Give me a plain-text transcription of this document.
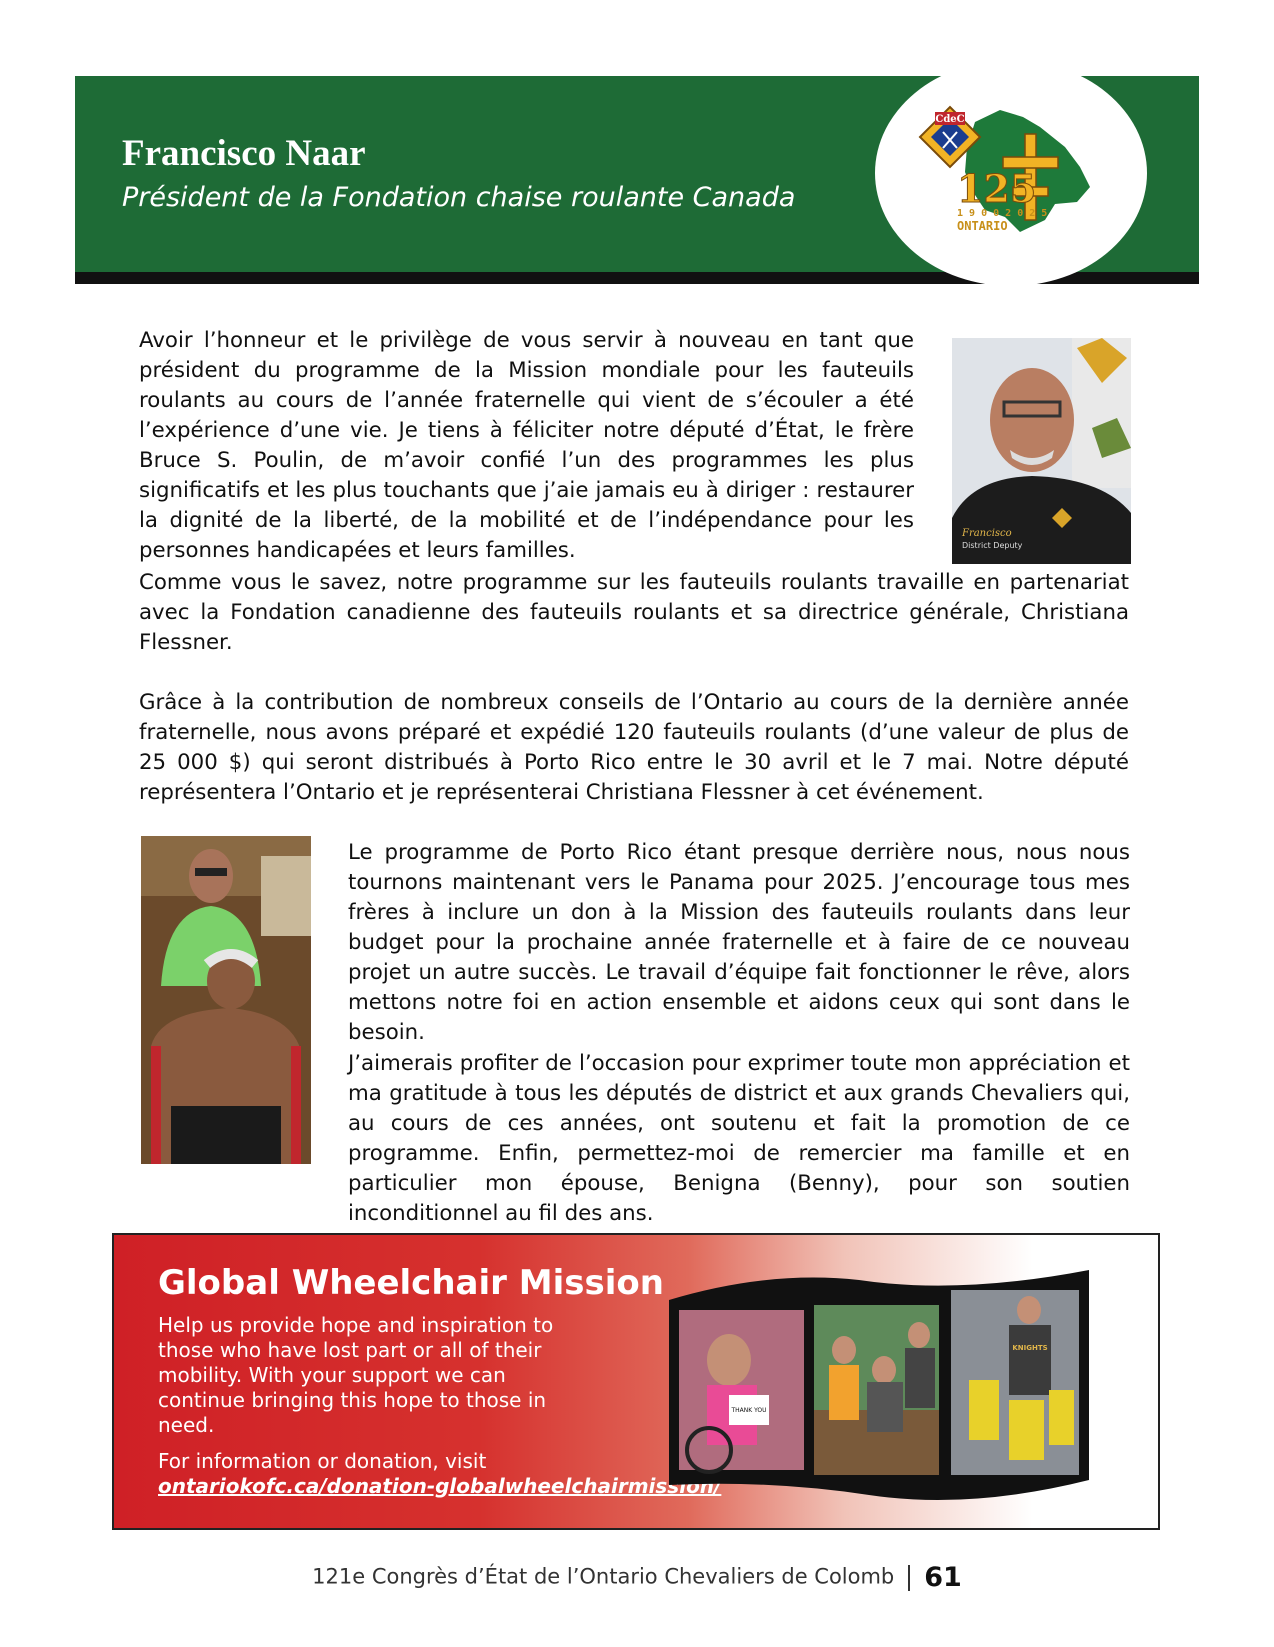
Francisco Naar
Président de la Fondation chaise roulante Canada
CdeC
125
1 9 0 0 2 0 2 5
ONTARIO
Francisco
District Deputy

Avoir l’honneur et le privilège de vous servir à nouveau en tant que président du programme de la Mission mondiale pour les fauteuils roulants au cours de l’année fraternelle qui vient de s’écouler a été l’expérience d’une vie. Je tiens à féliciter notre député d’État, le frère Bruce S. Poulin, de m’avoir confié l’un des programmes les plus significatifs et les plus touchants que j’aie jamais eu à diriger : restaurer la dignité de la liberté, de la mobilité et de l’indépendance pour les personnes handicapées et leurs familles.

Comme vous le savez, notre programme sur les fauteuils roulants travaille en partenariat avec la Fondation canadienne des fauteuils roulants et sa directrice générale, Christiana Flessner.

Grâce à la contribution de nombreux conseils de l’Ontario au cours de la dernière année fraternelle, nous avons préparé et expédié 120 fauteuils roulants (d’une valeur de plus de 25 000 $) qui seront distribués à Porto Rico entre le 30 avril et le 7 mai. Notre député représentera l’Ontario et je représenterai Christiana Flessner à cet événement.

Le programme de Porto Rico étant presque derrière nous, nous nous tournons maintenant vers le Panama pour 2025. J’encourage tous mes frères à inclure un don à la Mission des fauteuils roulants dans leur budget pour la prochaine année fraternelle et à faire de ce nouveau projet un autre succès. Le travail d’équipe fait fonctionner le rêve, alors mettons notre foi en action ensemble et aidons ceux qui sont dans le besoin.

J’aimerais profiter de l’occasion pour exprimer toute mon appréciation et ma gratitude à tous les députés de district et aux grands Chevaliers qui, au cours de ces années, ont soutenu et fait la promotion de ce programme. Enfin, permettez-moi de remercier ma famille et en particulier mon épouse, Benigna (Benny), pour son soutien inconditionnel au fil des ans.

Global Wheelchair Mission

Help us provide hope and inspiration to those who have lost part or all of their mobility. With your support we can continue bringing this hope to those in need.

For information or donation, visit
ontariokofc.ca/donation-globalwheelchairmission/
THANK YOU
KNIGHTS
121e Congrès d’État de l’Ontario Chevaliers de Colomb 61
